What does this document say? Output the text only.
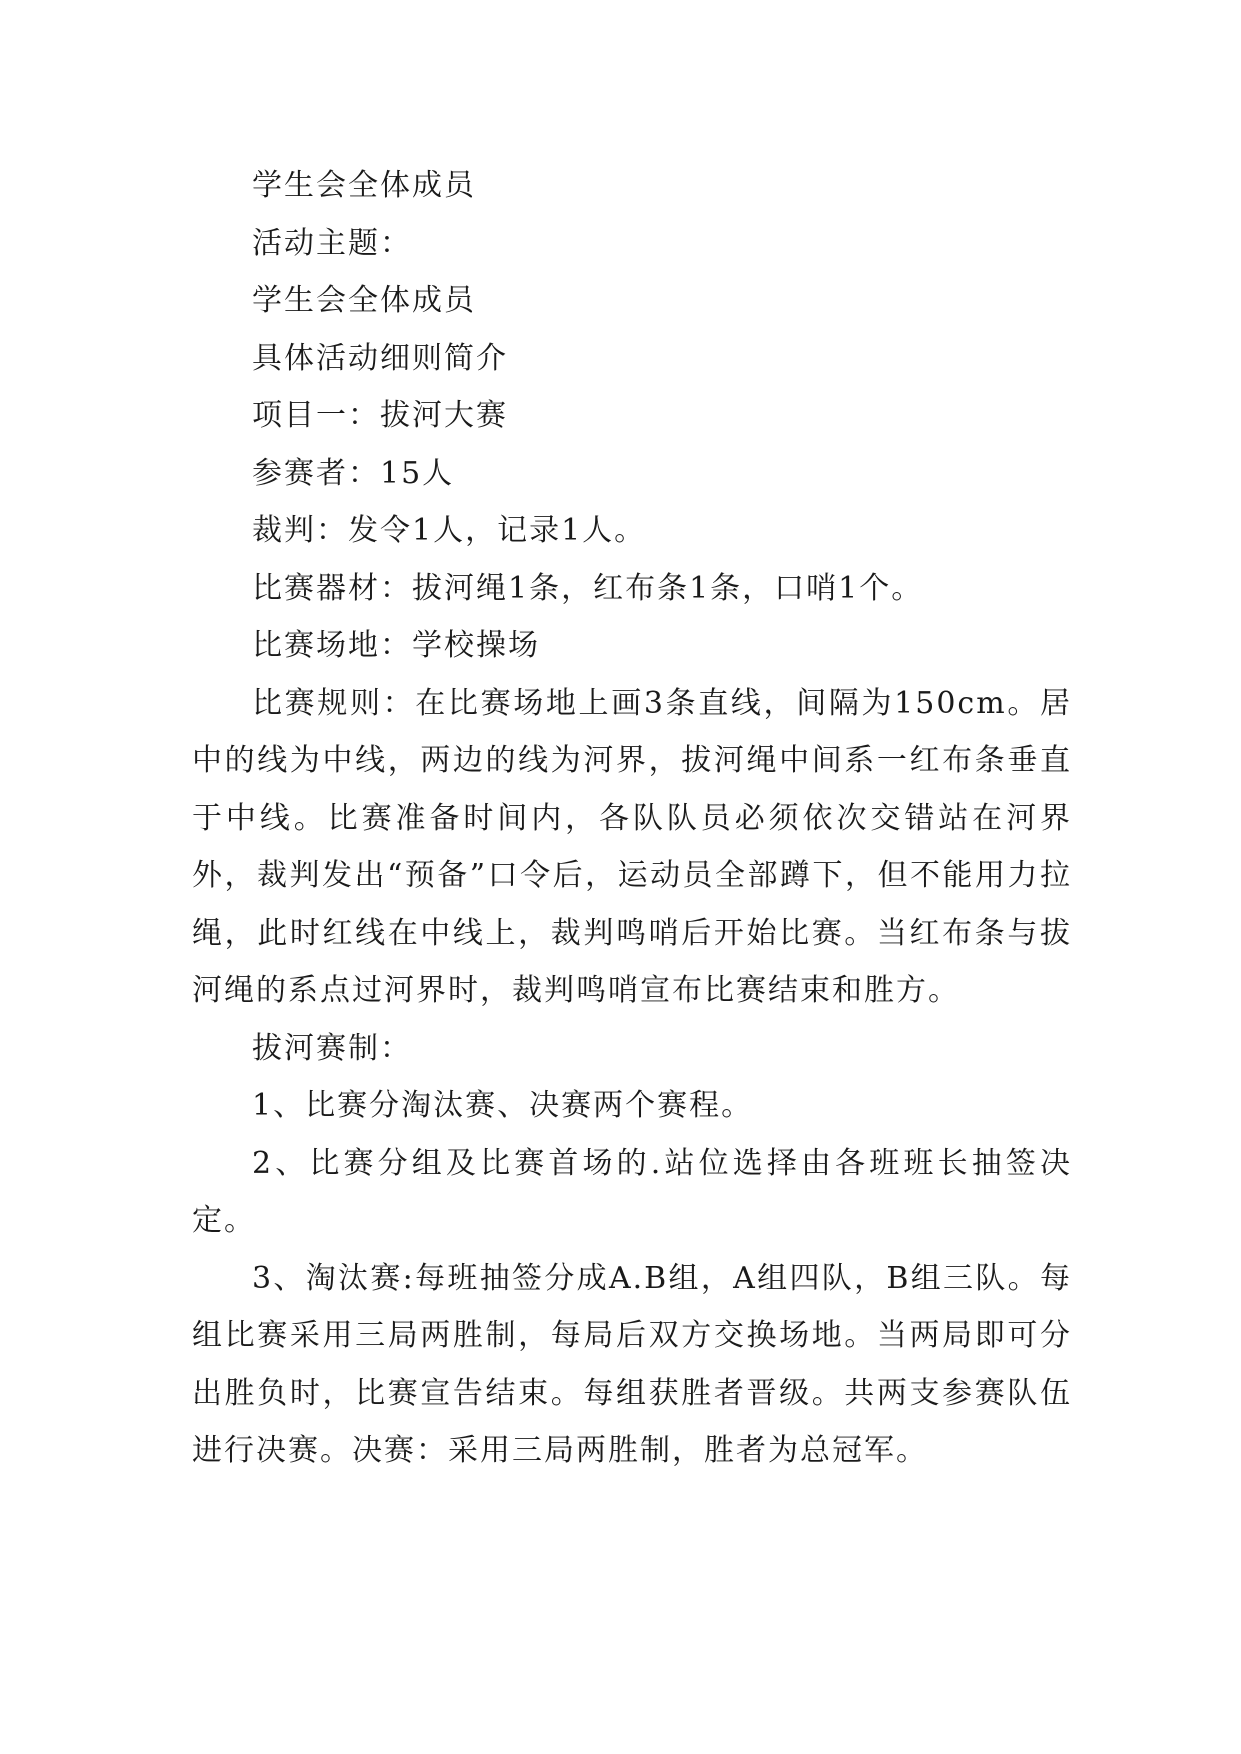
学生会全体成员

活动主题：

学生会全体成员

具体活动细则简介

项目一：拔河大赛

参赛者：15人

裁判：发令1人，记录1人。

比赛器材：拔河绳1条，红布条1条，口哨1个。

比赛场地：学校操场

比赛规则：在比赛场地上画3条直线，间隔为150cm。居中的线为中线，两边的线为河界，拔河绳中间系一红布条垂直于中线。比赛准备时间内，各队队员必须依次交错站在河界外，裁判发出“预备”口令后，运动员全部蹲下，但不能用力拉绳，此时红线在中线上，裁判鸣哨后开始比赛。当红布条与拔河绳的系点过河界时，裁判鸣哨宣布比赛结束和胜方。

拔河赛制：

1、比赛分淘汰赛、决赛两个赛程。

2、比赛分组及比赛首场的.站位选择由各班班长抽签决定。

3、淘汰赛:每班抽签分成A.B组，A组四队，B组三队。每组比赛采用三局两胜制，每局后双方交换场地。当两局即可分出胜负时，比赛宣告结束。每组获胜者晋级。共两支参赛队伍进行决赛。决赛：采用三局两胜制，胜者为总冠军。
